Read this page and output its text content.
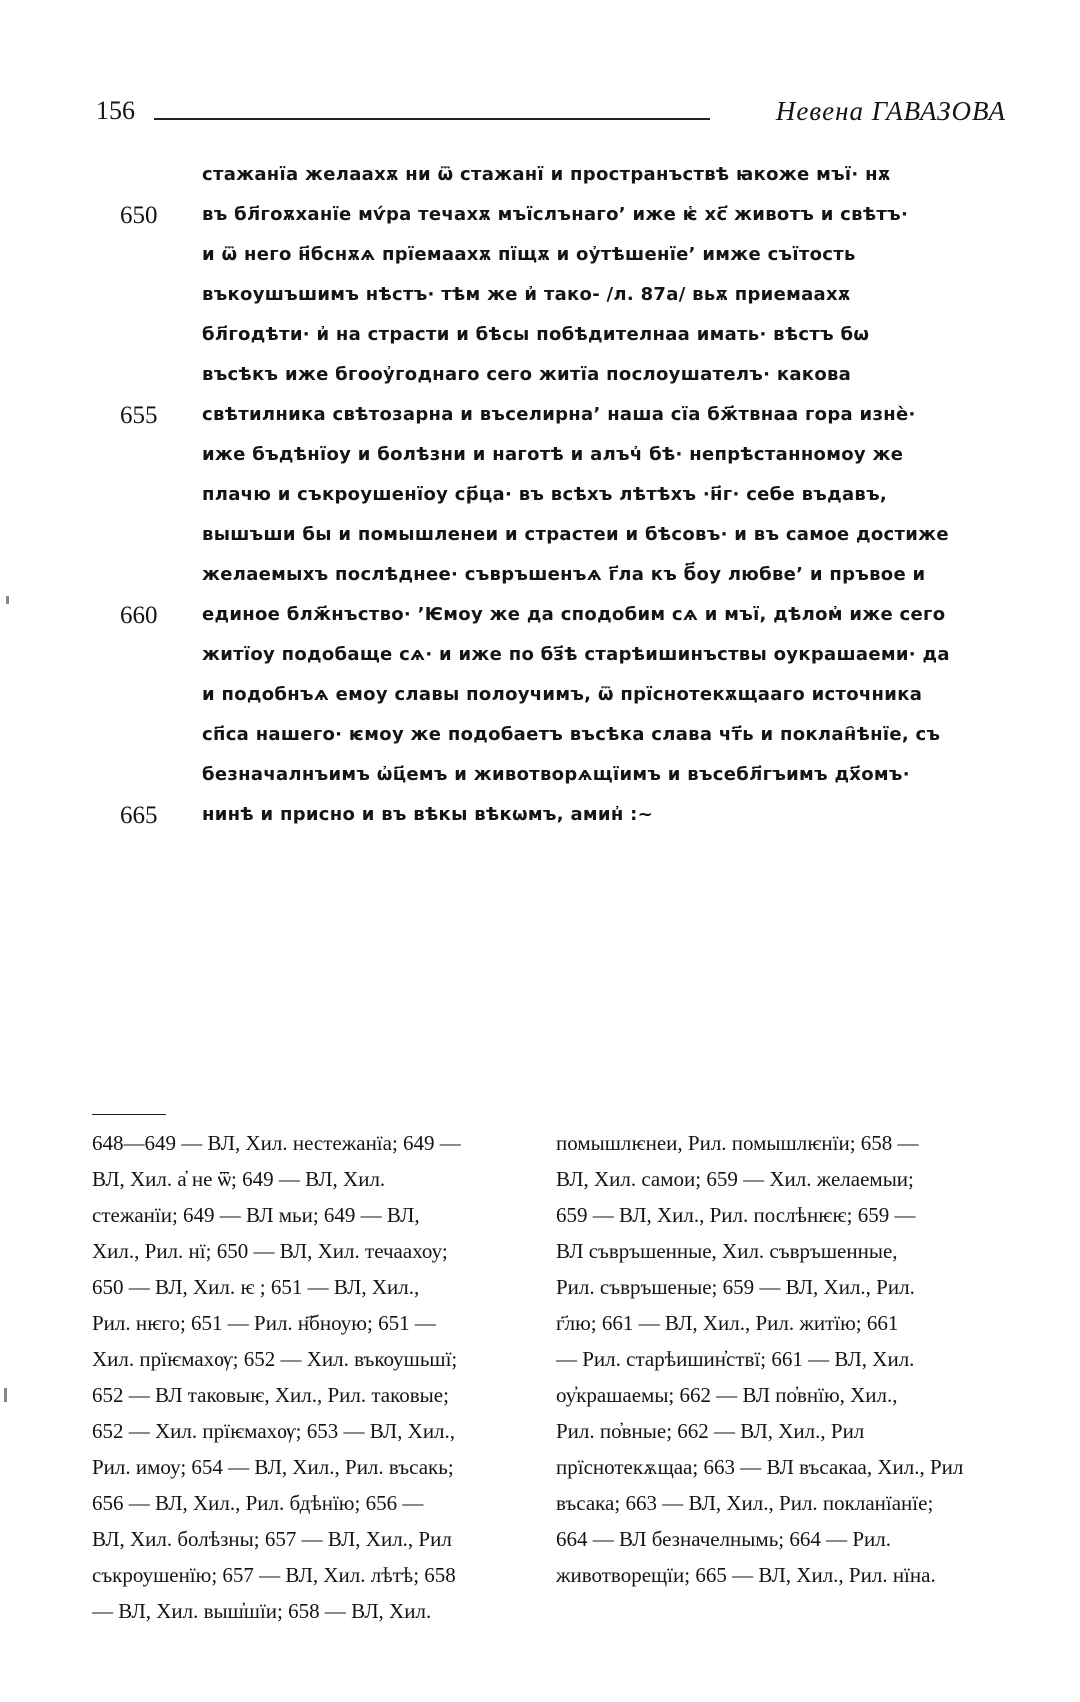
156	Невена ГАВАЗОВА
стажанїа желаахѫ ни ѿ стажанї и пространъствѣ ꙗкоже мъї· нѫ
650	въ бл҃гоѫханїе мѵ́ра течахѫ мъїслънаго’ иже ѥ҅ хс҃ животъ и свѣтъ·
и ѿ него н҃бснѫѧ прїемаахѫ пїщѫ и оу҆тѣшенїе’ имже съїтость
въкоушъшимъ нѣстъ· тѣм же и҆ тако- /л. 87а/ вьѫ приемаахѫ
бл҃годѣти· и҆ на страсти и бѣсы побѣдителнаа имать· вѣстъ бѡ
въсѣкъ иже бгооу҆годнаго сего житїа послоушателъ· какова
655	свѣтилника свѣтозарна и въселирна’ наша сїа бж҃твнаа гора изнѐ·
иже бъдѣнїоу и болѣзни и наготѣ и алъч҆ бѣ· непрѣстанномоу же
плачю и съкроушенїоу ср҃ца· въ всѣхъ лѣтѣхъ ·н҃г· себе въдавъ,
вышъши бы и помышленеи и страстеи и бѣсовъ· и въ самое достиже
желаемыхъ послѣднее· съвръшенъѧ г҃ла къ б҃оу любве’ и пръвое и
660	единое блж҃нъство· ’Ѥмоу же да сподобим сѧ и мъї, дѣлом҆ иже сего
житїоу подобаще сѧ· и иже по бз҃ѣ старѣишинъствы оукрашаеми· да
и подобнъѧ емоу славы полоучимъ, ѿ прїснотекѫщааго источника
сп҃са нашего· ѥмоу же подобаетъ въсѣка слава чт҃ь и поклан҄ѣнїе, съ
безначалнъимъ ѡ҆ц҃емъ и животворѧщїимъ и въсебл҃гъимъ дх҃омъ·
665	нинѣ и присно и въ вѣкы вѣкѡмъ, амин҆ :~
648—649 — ВЛ, Хил. нестежанїа; 649 —
ВЛ, Хил. а҆ не ѿ; 649 — ВЛ, Хил.
стежанїи; 649 — ВЛ мьи; 649 — ВЛ,
Хил., Рил. нї; 650 — ВЛ, Хил. течаахоу;
650 — ВЛ, Хил. ѥ ; 651 — ВЛ, Хил.,
Рил. нѥго; 651 — Рил. н҃бноую; 651 —
Хил. прїѥмахѹ; 652 — Хил. въкоушьшї;
652 — ВЛ таковыѥ, Хил., Рил. таковые;
652 — Хил. прїѥмахѹ; 653 — ВЛ, Хил.,
Рил. имоу; 654 — ВЛ, Хил., Рил. въсакь;
656 — ВЛ, Хил., Рил. бдѣнїю; 656 —
ВЛ, Хил. болѣзны; 657 — ВЛ, Хил., Рил
съкроушенїю; 657 — ВЛ, Хил. лѣтѣ; 658
— ВЛ, Хил. выш҆шїи; 658 — ВЛ, Хил.
помышлѥнеи, Рил. помышлѥнїи; 658 —
ВЛ, Хил. самои; 659 — Хил. желаемыи;
659 — ВЛ, Хил., Рил. послѣнѥѥ; 659 —
ВЛ съвръшенные, Хил. съвръшенные,
Рил. съвръшеные; 659 — ВЛ, Хил., Рил.
г҃лю; 661 — ВЛ, Хил., Рил. житїю; 661
— Рил. старѣишин҆ствї; 661 — ВЛ, Хил.
оу҆крашаемы; 662 — ВЛ по҆внїю, Хил.,
Рил. по҆вные; 662 — ВЛ, Хил., Рил
прїснотекѫщаа; 663 — ВЛ въсакаа, Хил., Рил
въсака; 663 — ВЛ, Хил., Рил. покланїанїе;
664 — ВЛ безначелнымь; 664 — Рил.
животворещїи; 665 — ВЛ, Хил., Рил. нїна.
